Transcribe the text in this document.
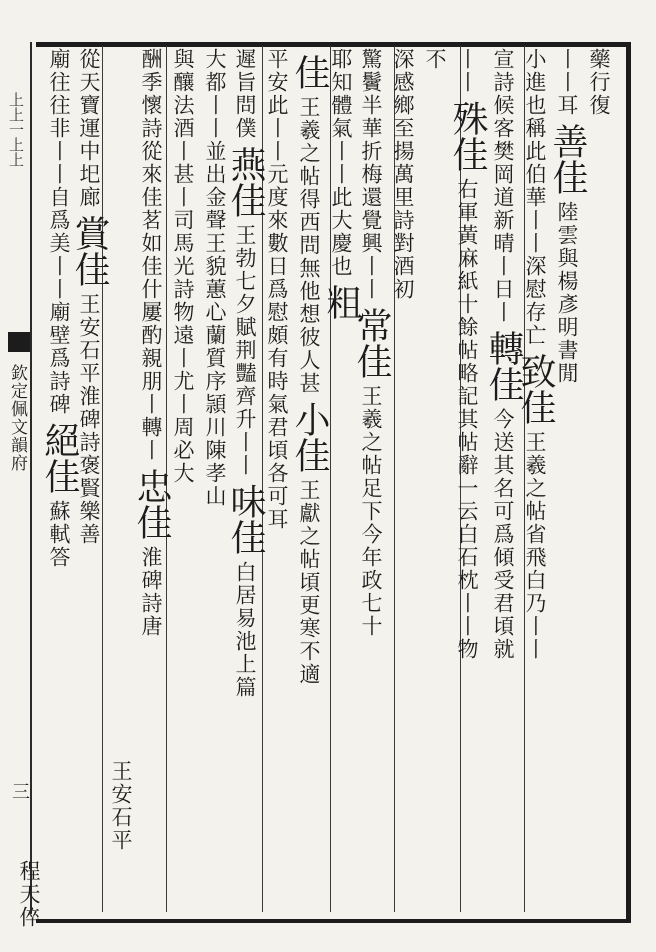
上上一上上
欽定佩文韻府
三
藥行復
丨丨耳善佳陸雲與楊彥明書閒
小進也稱此伯華丨丨深慰存亡致佳王羲之帖省飛白乃丨丨
宣詩候客樊岡道新晴丨日丨轉佳今送其名可爲傾受君頃就
丨丨殊佳右軍黃麻紙十餘帖略記其帖辭一云白石枕丨丨物
不
深感鄉至揚萬里詩對酒初
驚鬢半華折梅還覺興丨丨常佳王羲之帖足下今年政七十
耶知體氣丨丨此大慶也粗
佳王羲之帖得西問無他想彼人甚小佳王獻之帖頃更寒不適
平安此丨丨元度來數日爲慰頗有時氣君頃各可耳
遲旨問僕燕佳王勃七夕賦荆豔齊升丨丨味佳白居易池上篇
大都丨丨並出金聲王貌蕙心蘭質序頴川陳孝山
與釀法酒丨甚丨司馬光詩物遠丨尤丨周必大
酬季懷詩從來佳茗如佳什屢酌親朋丨轉丨忠佳淮碑詩唐
王安石平
從天寶運中圯廊賞佳王安石平淮碑詩褒賢樂善
廟往往非丨丨自爲美丨丨廟壁爲詩碑絕佳蘇軾答
程天倅
